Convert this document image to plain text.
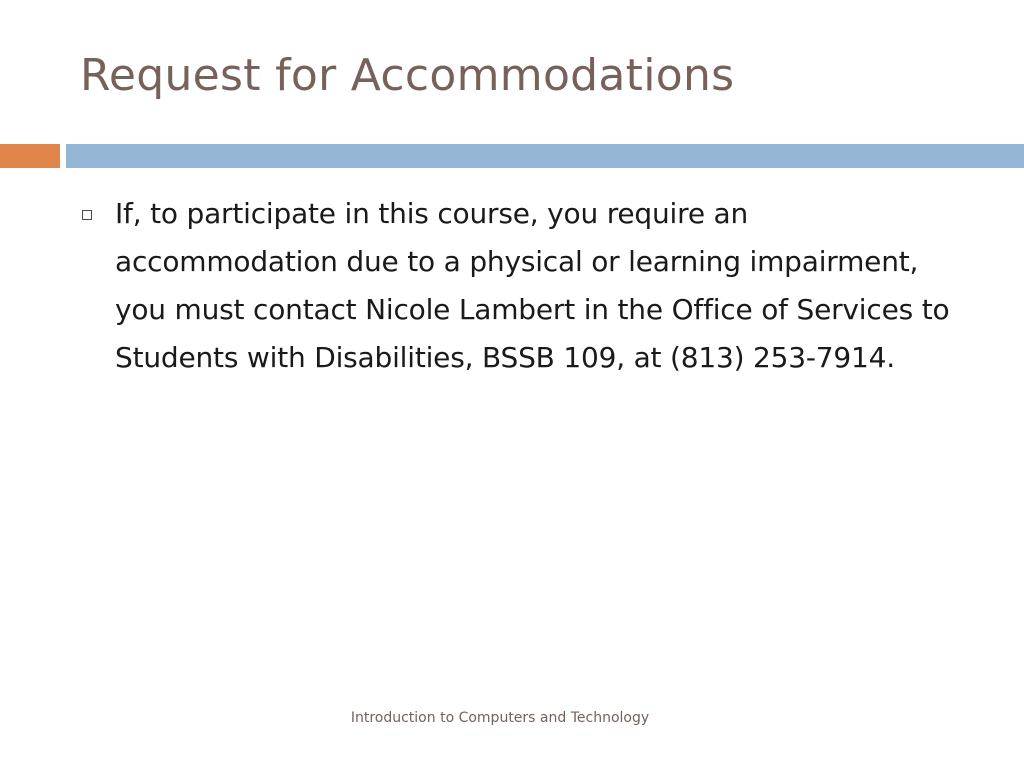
Request for Accommodations

If, to participate in this course, you require an accommodation due to a physical or learning impairment, you must contact Nicole Lambert in the Office of Services to Students with Disabilities, BSSB 109, at (813) 253-7914.

Introduction to Computers and Technology
